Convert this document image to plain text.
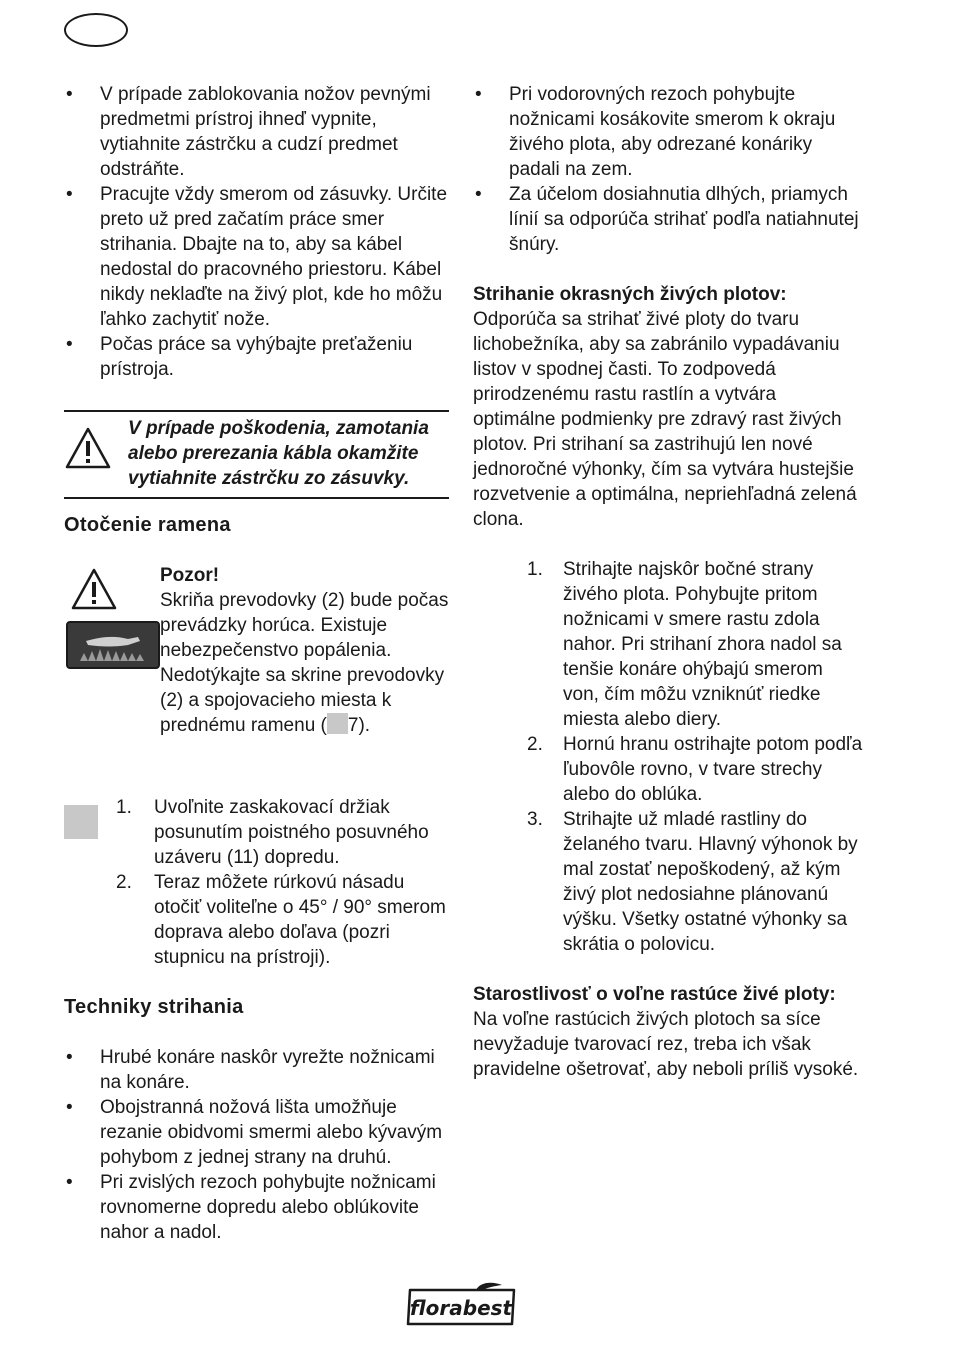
• V prípade zablokovania nožov pevnými predmetmi prístroj ihneď vypnite, vytiahnite zástrčku a cudzí predmet odstráňte.
• Pracujte vždy smerom od zásuvky. Určite preto už pred začatím práce smer strihania. Dbajte na to, aby sa kábel nedostal do pracovného priestoru. Kábel nikdy neklaďte na živý plot, kde ho môžu ľahko zachytiť nože.
• Počas práce sa vyhýbajte preťaženiu prístroja.
V prípade poškodenia, zamotania alebo prerezania kábla okamžite vytiahnite zástrčku zo zásuvky.
Otočenie ramena
Pozor!
Skriňa prevodovky (2) bude počas prevádzky horúca. Existuje nebezpečenstvo popálenia. Nedotýkajte sa skrine prevodovky (2) a spojovacieho miesta k prednému ramenu ( 7).
1. Uvoľnite zaskakovací držiak posunutím poistného posuvného uzáveru (11) dopredu.
2. Teraz môžete rúrkovú násadu otočiť voliteľne o 45° / 90° smerom doprava alebo doľava (pozri stupnicu na prístroji).
Techniky strihania
• Hrubé konáre naskôr vyrežte nožnicami na konáre.
• Obojstranná nožová lišta umožňuje rezanie obidvomi smermi alebo kývavým pohybom z jednej strany na druhú.
• Pri zvislých rezoch pohybujte nožnicami rovnomerne dopredu alebo oblúkovite nahor a nadol.
• Pri vodorovných rezoch pohybujte nožnicami kosákovite smerom k okraju živého plota, aby odrezané konáriky padali na zem.
• Za účelom dosiahnutia dlhých, priamych línií sa odporúča strihať podľa natiahnutej šnúry.
Strihanie okrasných živých plotov:
Odporúča sa strihať živé ploty do tvaru lichobežníka, aby sa zabránilo vypadávaniu listov v spodnej časti. To zodpovedá prirodzenému rastu rastlín a vytvára optimálne podmienky pre zdravý rast živých plotov. Pri strihaní sa zastrihujú len nové jednoročné výhonky, čím sa vytvára hustejšie rozvetvenie a optimálna, nepriehľadná zelená clona.
1. Strihajte najskôr bočné strany živého plota. Pohybujte pritom nožnicami v smere rastu zdola nahor. Pri strihaní zhora nadol sa tenšie konáre ohýbajú smerom von, čím môžu vzniknúť riedke miesta alebo diery.
2. Hornú hranu ostrihajte potom podľa ľubovôle rovno, v tvare strechy alebo do oblúka.
3. Strihajte už mladé rastliny do želaného tvaru. Hlavný výhonok by mal zostať nepoškodený, až kým živý plot nedosiahne plánovanú výšku. Všetky ostatné výhonky sa skrátia o polovicu.
Starostlivosť o voľne rastúce živé ploty:
Na voľne rastúcich živých plotoch sa síce nevyžaduje tvarovací rez, treba ich však pravidelne ošetrovať, aby neboli príliš vysoké.
florabest
